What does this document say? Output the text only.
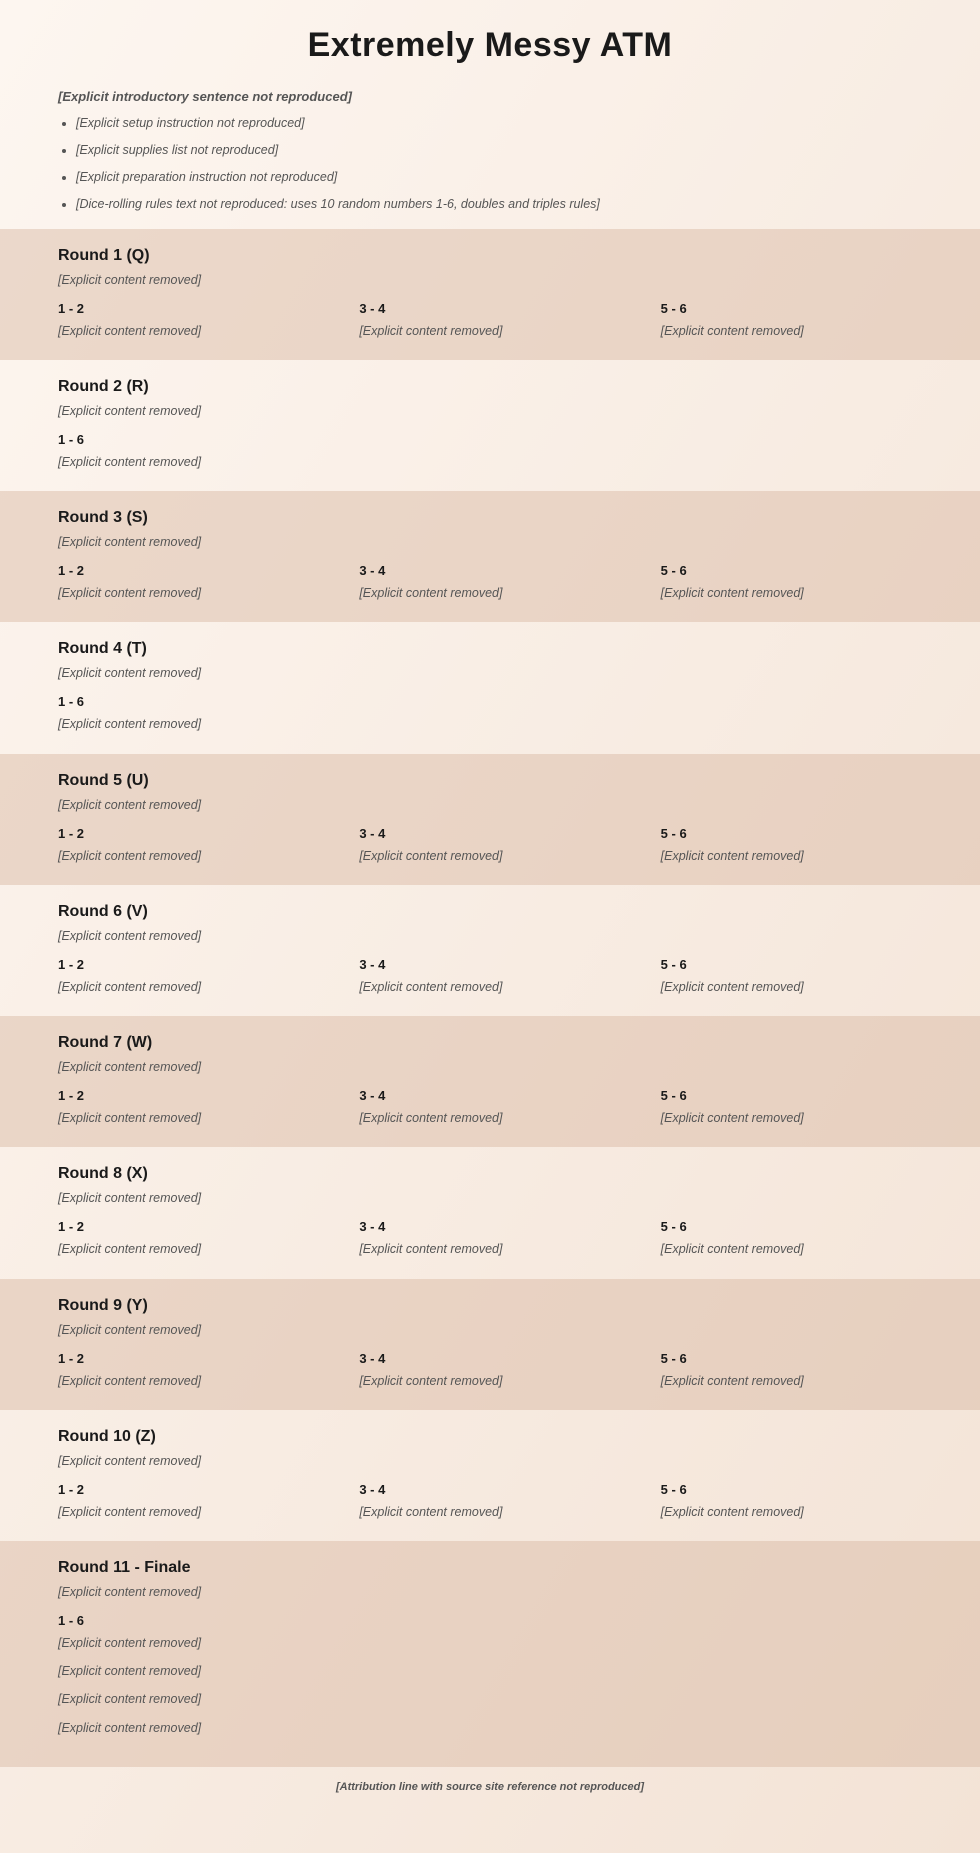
Extremely Messy ATM
[Explicit introductory sentence not reproduced]
• [Explicit setup instruction not reproduced]
• [Explicit supplies list not reproduced]
• [Explicit preparation instruction not reproduced]
• [Dice-rolling rules text not reproduced: uses 10 random numbers 1-6, doubles and triples rules]
Round 1 (Q)
[Explicit content removed]
1 - 2
[Explicit content removed]
3 - 4
[Explicit content removed]
5 - 6
[Explicit content removed]
Round 2 (R)
[Explicit content removed]
1 - 6
[Explicit content removed]
Round 3 (S)
[Explicit content removed]
1 - 2
[Explicit content removed]
3 - 4
[Explicit content removed]
5 - 6
[Explicit content removed]
Round 4 (T)
[Explicit content removed]
1 - 6
[Explicit content removed]
Round 5 (U)
[Explicit content removed]
1 - 2
[Explicit content removed]
3 - 4
[Explicit content removed]
5 - 6
[Explicit content removed]
Round 6 (V)
[Explicit content removed]
1 - 2
[Explicit content removed]
3 - 4
[Explicit content removed]
5 - 6
[Explicit content removed]
Round 7 (W)
[Explicit content removed]
1 - 2
[Explicit content removed]
3 - 4
[Explicit content removed]
5 - 6
[Explicit content removed]
Round 8 (X)
[Explicit content removed]
1 - 2
[Explicit content removed]
3 - 4
[Explicit content removed]
5 - 6
[Explicit content removed]
Round 9 (Y)
[Explicit content removed]
1 - 2
[Explicit content removed]
3 - 4
[Explicit content removed]
5 - 6
[Explicit content removed]
Round 10 (Z)
[Explicit content removed]
1 - 2
[Explicit content removed]
3 - 4
[Explicit content removed]
5 - 6
[Explicit content removed]
Round 11 - Finale
[Explicit content removed]
1 - 6

[Explicit content removed]

[Explicit content removed]

[Explicit content removed]

[Explicit content removed]

[Attribution line with source site reference not reproduced]
